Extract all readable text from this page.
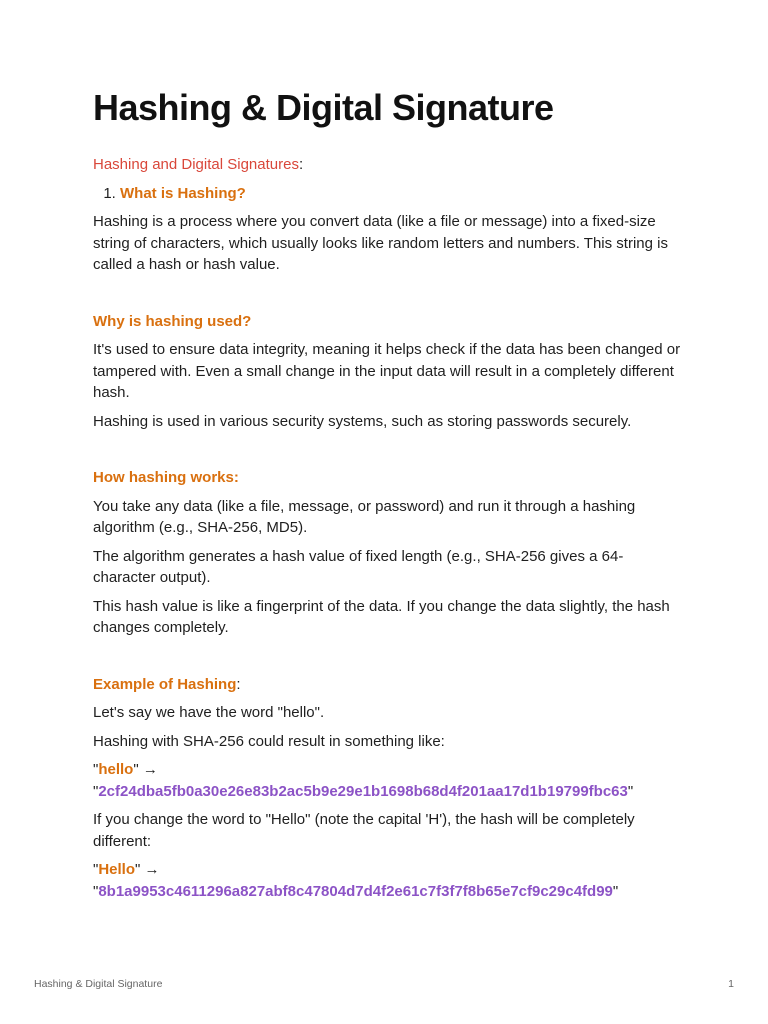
Hashing & Digital Signature

Hashing and Digital Signatures:

1. What is Hashing?

Hashing is a process where you convert data (like a file or message) into a fixed-size string of characters, which usually looks like random letters and numbers. This string is called a hash or hash value.

Why is hashing used?

It's used to ensure data integrity, meaning it helps check if the data has been changed or tampered with. Even a small change in the input data will result in a completely different hash.

Hashing is used in various security systems, such as storing passwords securely.

How hashing works:

You take any data (like a file, message, or password) and run it through a hashing algorithm (e.g., SHA-256, MD5).

The algorithm generates a hash value of fixed length (e.g., SHA-256 gives a 64-character output).

This hash value is like a fingerprint of the data. If you change the data slightly, the hash changes completely.

Example of Hashing:

Let's say we have the word "hello".

Hashing with SHA-256 could result in something like:

"hello" →
"2cf24dba5fb0a30e26e83b2ac5b9e29e1b1698b68d4f201aa17d1b19799fbc63"

If you change the word to "Hello" (note the capital 'H'), the hash will be completely different:

"Hello" →
"8b1a9953c4611296a827abf8c47804d7d4f2e61c7f3f7f8b65e7cf9c29c4fd99"

Hashing & Digital Signature	1
